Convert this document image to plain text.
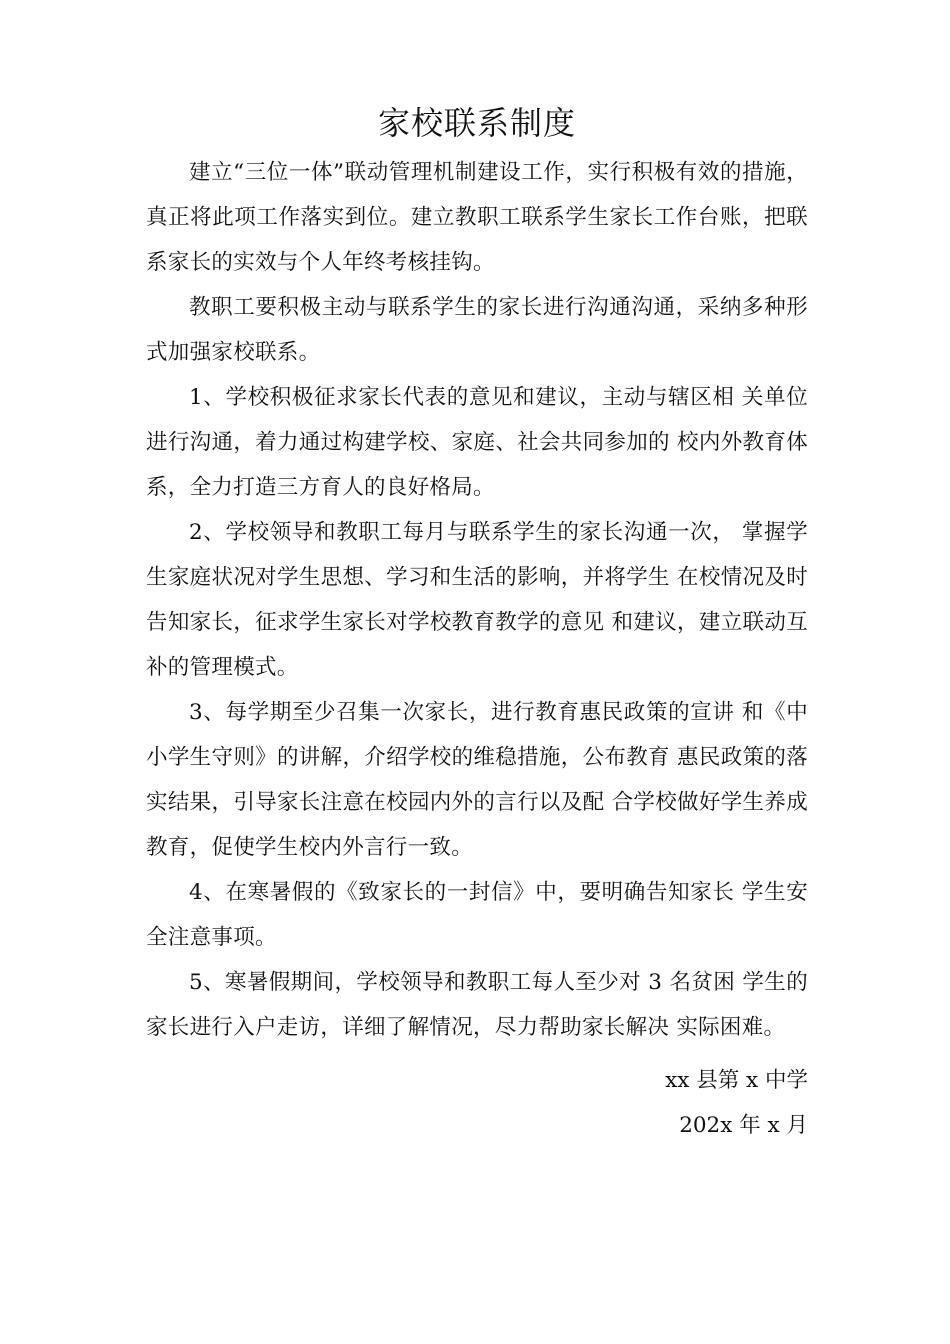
家校联系制度

建立“三位一体”联动管理机制建设工作，实行积极有效的措施，真正将此项工作落实到位。建立教职工联系学生家长工作台账，把联系家长的实效与个人年终考核挂钩。

教职工要积极主动与联系学生的家长进行沟通沟通，采纳多种形式加强家校联系。

1、学校积极征求家长代表的意见和建议，主动与辖区相 关单位进行沟通，着力通过构建学校、家庭、社会共同参加的 校内外教育体系，全力打造三方育人的良好格局。

2、学校领导和教职工每月与联系学生的家长沟通一次， 掌握学生家庭状况对学生思想、学习和生活的影响，并将学生 在校情况及时告知家长，征求学生家长对学校教育教学的意见 和建议，建立联动互补的管理模式。

3、每学期至少召集一次家长，进行教育惠民政策的宣讲 和《中小学生守则》的讲解，介绍学校的维稳措施，公布教育 惠民政策的落实结果，引导家长注意在校园内外的言行以及配 合学校做好学生养成教育，促使学生校内外言行一致。

4、在寒暑假的《致家长的一封信》中，要明确告知家长 学生安全注意事项。

5、寒暑假期间，学校领导和教职工每人至少对 3 名贫困 学生的家长进行入户走访，详细了解情况，尽力帮助家长解决 实际困难。

xx 县第 x 中学

202x 年 x 月
